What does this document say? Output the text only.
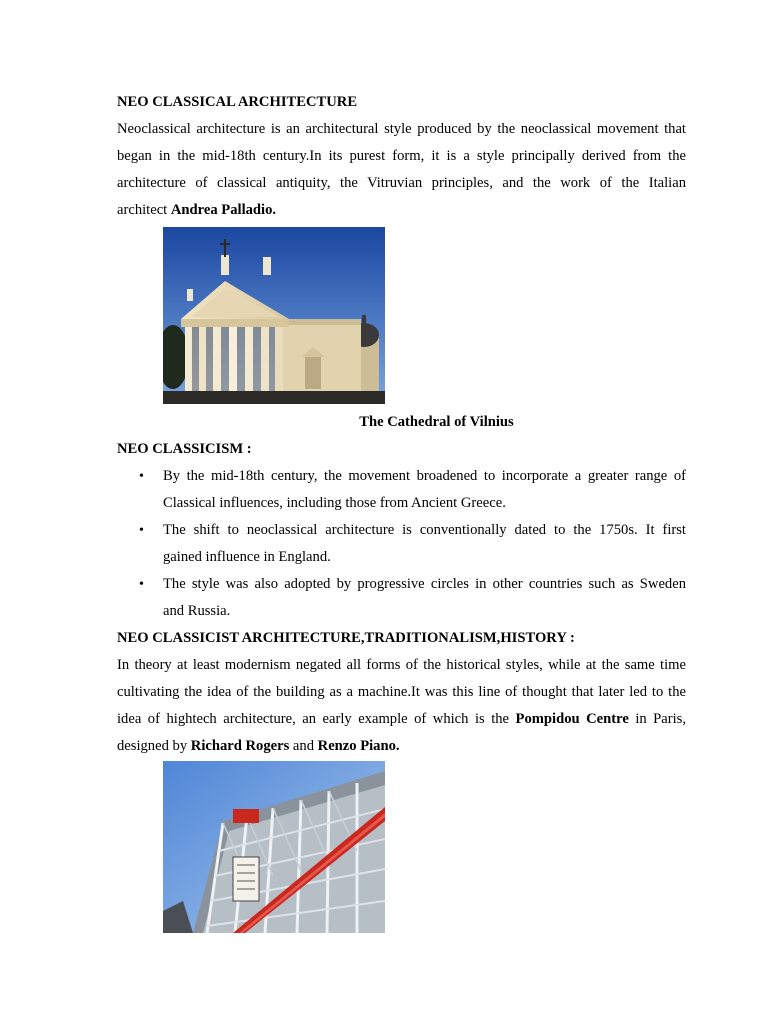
NEO CLASSICAL ARCHITECTURE
Neoclassical architecture is an architectural style produced by the neoclassical movement that
began in the mid-18th century.In its purest form, it is a style principally derived from the
architecture of classical antiquity, the Vitruvian principles, and the work of the Italian
architect Andrea Palladio.
The Cathedral of Vilnius
NEO CLASSICISM :
• By the mid-18th century, the movement broadened to incorporate a greater range of
Classical influences, including those from Ancient Greece.
• The shift to neoclassical architecture is conventionally dated to the 1750s. It first
gained influence in England.
• The style was also adopted by progressive circles in other countries such as Sweden
and Russia.
NEO CLASSICIST ARCHITECTURE,TRADITIONALISM,HISTORY :
In theory at least modernism negated all forms of the historical styles, while at the same time
cultivating the idea of the building as a machine.It was this line of thought that later led to the
idea of hightech architecture, an early example of which is the Pompidou Centre in Paris,
designed by Richard Rogers and Renzo Piano.
